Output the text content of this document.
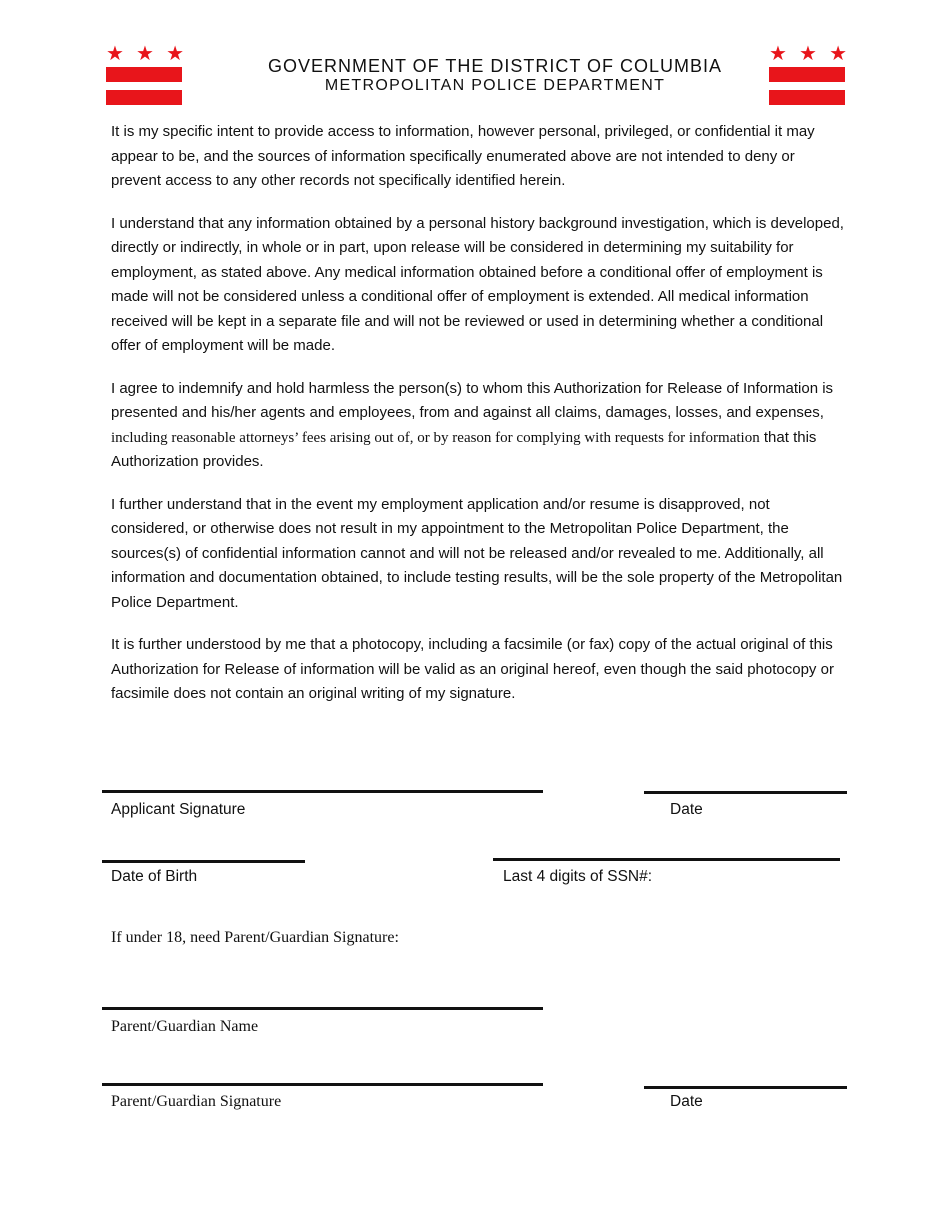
★ ★ ★	★ ★ ★
GOVERNMENT OF THE DISTRICT OF COLUMBIA
METROPOLITAN POLICE DEPARTMENT

It is my specific intent to provide access to information, however personal, privileged, or confidential it may appear to be, and the sources of information specifically enumerated above are not intended to deny or prevent access to any other records not specifically identified herein.

I understand that any information obtained by a personal history background investigation, which is developed, directly or indirectly, in whole or in part, upon release will be considered in determining my suitability for employment, as stated above. Any medical information obtained before a conditional offer of employment is made will not be considered unless a conditional offer of employment is extended. All medical information received will be kept in a separate file and will not be reviewed or used in determining whether a conditional offer of employment will be made.

I agree to indemnify and hold harmless the person(s) to whom this Authorization for Release of Information is presented and his/her agents and employees, from and against all claims, damages, losses, and expenses, including reasonable attorneys’ fees arising out of, or by reason for complying with requests for information that this Authorization provides.

I further understand that in the event my employment application and/or resume is disapproved, not considered, or otherwise does not result in my appointment to the Metropolitan Police Department, the sources(s) of confidential information cannot and will not be released and/or revealed to me. Additionally, all information and documentation obtained, to include testing results, will be the sole property of the Metropolitan Police Department.

It is further understood by me that a photocopy, including a facsimile (or fax) copy of the actual original of this Authorization for Release of information will be valid as an original hereof, even though the said photocopy or facsimile does not contain an original writing of my signature.

Applicant Signature	Date
Date of Birth	Last 4 digits of SSN#:
If under 18, need Parent/Guardian Signature:
Parent/Guardian Name
Parent/Guardian Signature	Date
